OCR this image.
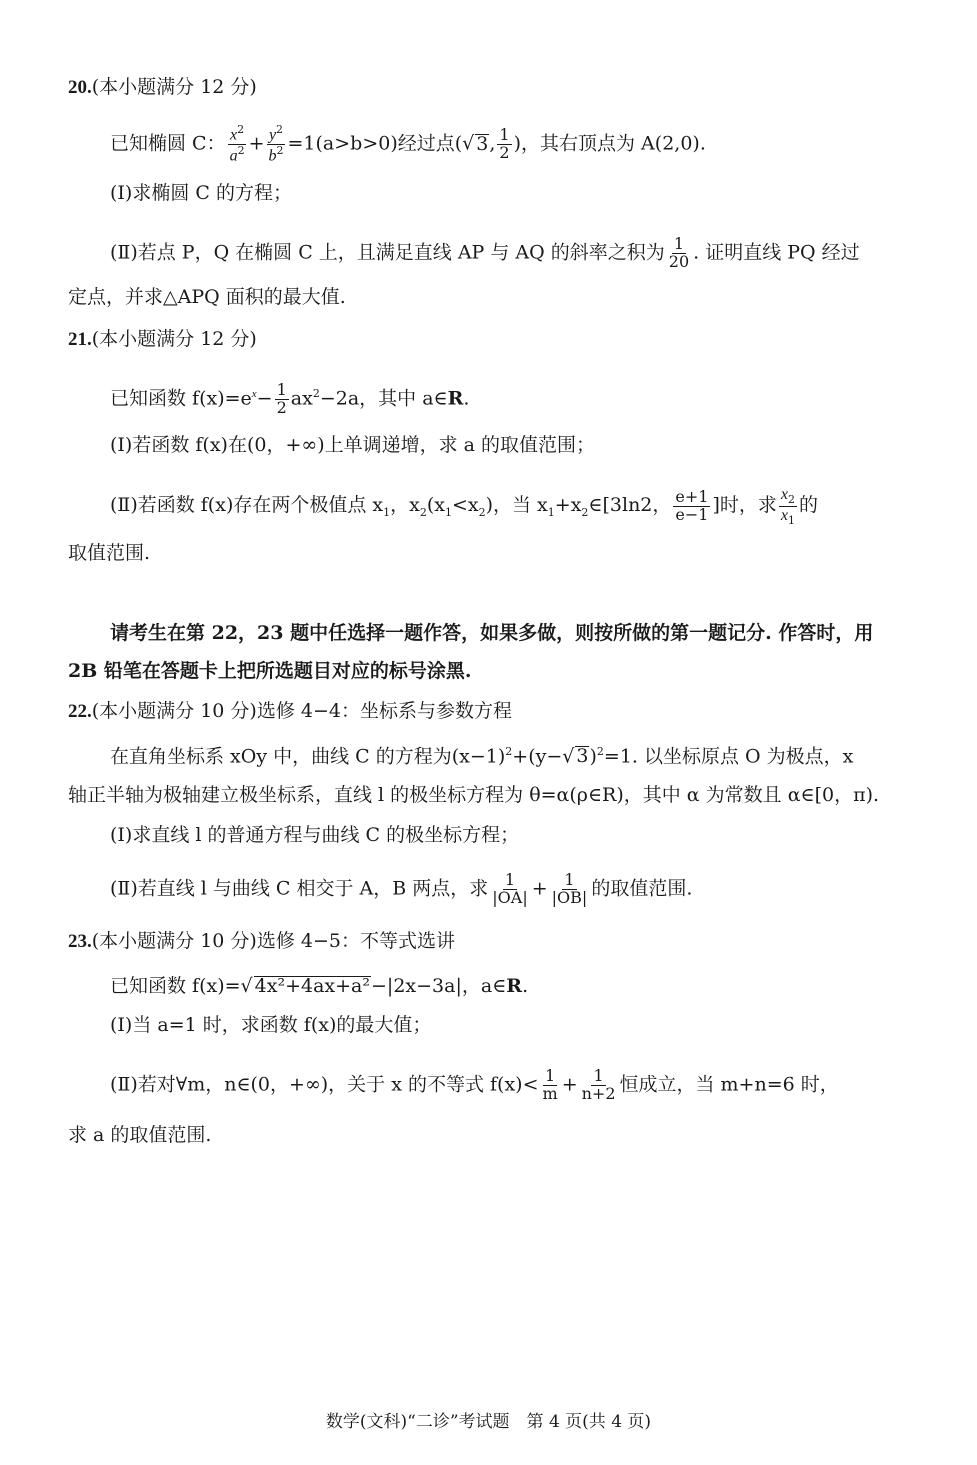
20.(本小题满分 12 分)
已知椭圆 C： $\frac{x^2}{a^2} + \frac{y^2}{b^2} =1(a>b>0)$经过点(√ 3, $\frac{1}{2}$ )，其右顶点为 A(2,0).
(Ⅰ)求椭圆 C 的方程；
(Ⅱ)若点 P，Q 在椭圆 C 上，且满足直线 AP 与 AQ 的斜率之积为 $\frac{1}{20}$ . 证明直线 PQ 经过
定点，并求△APQ 面积的最大值.
21.(本小题满分 12 分)
已知函数 $f(x)=e^x- \frac{1}{2} ax^2-2a$，其中 a∈R.
(Ⅰ)若函数 f(x)在(0，+∞)上单调递增，求 a 的取值范围；
(Ⅱ)若函数 f(x)存在两个极值点 $x_1$，$x_2(x_1<x_2)$，当 $x_1+x_2\in[3\ln 2$， $\frac{e+1}{e-1}$ ]时，求 $\frac{x_2}{x_1}$ 的
取值范围.
请考生在第 22，23 题中任选择一题作答，如果多做，则按所做的第一题记分. 作答时，用
2B 铅笔在答题卡上把所选题目对应的标号涂黑.
22.(本小题满分 10 分)选修 4−4：坐标系与参数方程
在直角坐标系 xOy 中，曲线 C 的方程为$(x-1)^2+(y-√$ 3)$^2$=1. 以坐标原点 O 为极点，x
轴正半轴为极轴建立极坐标系，直线 l 的极坐标方程为 θ=α(ρ∈R)，其中 α 为常数且 α∈[0，π).
(Ⅰ)求直线 l 的普通方程与曲线 C 的极坐标方程；
(Ⅱ)若直线 l 与曲线 C 相交于 A，B 两点，求 $\frac{1}{|OA|} + \frac{1}{|OB|}$ 的取值范围.
23.(本小题满分 10 分)选修 4−5：不等式选讲
已知函数 f(x)=√ 4x²+4ax+a²−|2x−3a|，a∈R.
(Ⅰ)当 a=1 时，求函数 f(x)的最大值；
(Ⅱ)若对∀m，n∈(0，+∞)，关于 x 的不等式 $f(x)< \frac{1}{m} + \frac{1}{n+2}$ 恒成立，当 m+n=6 时，
求 a 的取值范围.
数学(文科)“二诊”考试题　第 4 页(共 4 页)
